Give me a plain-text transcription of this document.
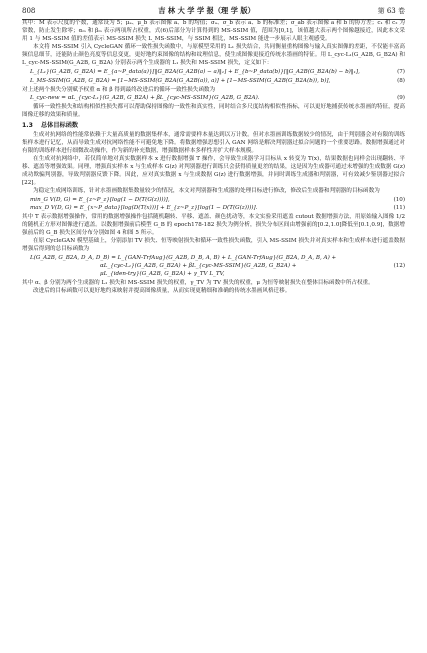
808	吉 林 大 学 学 报（理 学 版）	第 63 卷

其中：M 表示尺度的个数，通常设为 5；μₐ、μ_b 表示图像 a、b 的均值；σₐ、σ_b 表示 a、b 的标准差；σ_ab 表示图像 a 和 b 的协方差；c₁ 和 c₂ 为常数，防止发生除零；αₘ 和 βₘ 表示两项所占权重，式(6)后部分为计算得到的 MS-SSIM 值，范围为[0,1]，该值越大表示两个图像越接近，因此本文采用 1 与 MS-SSIM 值的差值表示 MS-SSIM 损失 L_MS-SSIM，与 SSIM 相比，MS-SSIM 能进一步展示人眼主观感受。

本文将 MS-SSIM 引入 CycleGAN 循环一致性损失函数中，与原模型采用的 L₁ 损失结合，共同衡量重构图像与输入真实图像的差距，不仅能丰富高频信息细节，还能防止颜色亮度等信息变更，更好地约束图像的结构和纹理信息，使生成图像更接近传统水墨画的特征。用 L_cyc-L₁(G_A2B, G_B2A) 和 L_cyc-MS-SSIM(G_A2B, G_B2A) 分别表示两个生成器的 L₁ 损失和 MS-SSIM 损失，定义如下：

L_{L₁}(G_A2B, G_B2A) = E_{a~P_data(a)}[‖G_B2A(G_A2B(a) − a)‖₁] + E_{b~P_data(b)}[‖G_A2B(G_B2A(b) − b)‖₁],	(7)
L_MS-SSIM(G_A2B, G_B2A) = [1−MS-SSIM(G_B2A(G_A2B(a)), a)] + [1−MS-SSIM(G_A2B(G_B2A(b)), b)],	(8)

对上述两个损失分别赋予权重 α 和 β 得到最终改进后的循环一致性损失函数为

L_cyc-new = αL_{cyc-L₁}(G_A2B, G_B2A) + βL_{cyc-MS-SSIM}(G_A2B, G_B2A).	(9)

循环一致性损失和结构相似性损失都可以帮助保持图像的一致性和真实性，同时结合多尺度结构相似性指标，可以更好地捕获传统水墨画的特征，提高图像迁移的效果和质量。

1.3 总体目标函数

生成对抗网络的性能常依赖于大量高质量的数据集样本，通常需要样本量达到以万计数。但对水墨画训练数据较少的情况，由于判别器会对有限的训练集样本进行记忆，从而导致生成对抗网络性能不可避免地下降。将数据增强思想引入 GAN 网络是解决判别器过拟合问题的一个重要思路。数据增强通过对有限的训练样本进行细微改动操作，作为新的补充数据，增强数据样本多样性并扩大样本规模。

在生成对抗网络中，若仅简单地对真实数据样本 x 进行数据增强 T 操作，会导致生成器学习目标从 x 转变为 T(x)，结果数据也同样会出现翻转、平移、遮盖等增强效果。同理，增强真实样本 x 与生成样本 G(z) 对判别器进行训练只会获得质量更差的结果，这是因为生成器可通过未增强的生成数据 G(z) 成功欺骗判别器，导致判别器反馈下降。因此，应对真实数据 x 与生成数据 G(z) 进行数据增强，并同时训练生成器和判别器，可有效减少鉴别器过拟合[22]。

为稳定生成网络训练，针对水墨画数据集数量较少的情况，本文对判别器和生成器的处理目标进行修改，修改后生成器和判别器的目标函数为

min_G V(D, G) = E_{z~P_z}[log(1 − D(T(G(z))))],	(10)
max_D V(D, G) = E_{x~P_data}[log(D(T(x)))] + E_{z~P_z}[log(1 − D(T(G(z))))].	(11)

其中 T 表示数据增强操作，常用的数据增强操作包括随机翻转、平移、遮盖、颜色扰动等，本文实验采用遮盖 cutout 数据增强方法，用原始输入图像 1/2 的随机正方形对图像进行遮盖。以数据增强前后模型 G_B 的 epoch178-182 损失为例分析，损失分布区间由增强前的[0.2,1.0]降低至[0.1,0.9]，数据增强前后的 G_B 损失区间分布分别如图 4 和图 5 所示。

在原 CycleGAN 模型基础上，分别添加 TV 损失、恒等映射损失和循环一致性损失函数，引入 MS-SSIM 损失并对真实样本和生成样本进行遮盖数据增强后得到的总目标函数为

L(G_A2B, G_B2A, D_A, D_B) = L_{GAN-TrfAug}(G_A2B, D_B, A, B) + L_{GAN-TrfAug}(G_B2A, D_A, B, A) +
αL_{cyc-L₁}(G_A2B, G_B2A) + βL_{cyc-MS-SSIM}(G_A2B, G_B2A) +
μL_{iden-try}(G_A2B, G_B2A) + γ_TV L_TV,
(12)

其中 α、β 分别为两个生成器的 L₁ 损失和 MS-SSIM 损失的权重，γ_TV 为 TV 损失的权重，μ 为恒等映射损失在整体目标函数中所占权重。

改进后的目标函数可以更好地约束映射并提高图像质量，从而实现更精细和准确的传统水墨画风格迁移。
